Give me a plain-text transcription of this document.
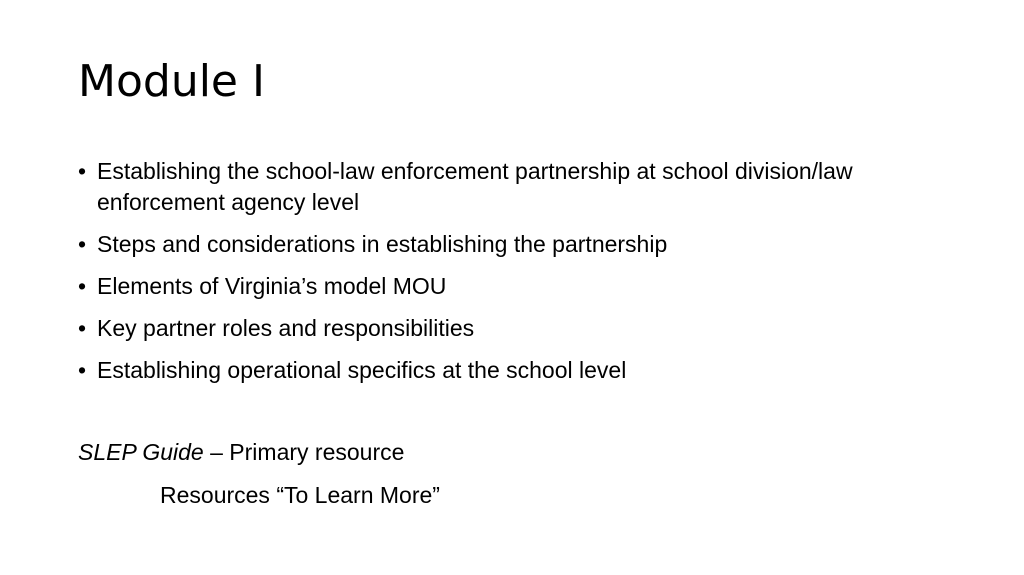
Module I
• Establishing the school-law enforcement partnership at school division/law enforcement agency level
• Steps and considerations in establishing the partnership
• Elements of Virginia’s model MOU
• Key partner roles and responsibilities
• Establishing operational specifics at the school level
SLEP Guide – Primary resource
Resources “To Learn More”
